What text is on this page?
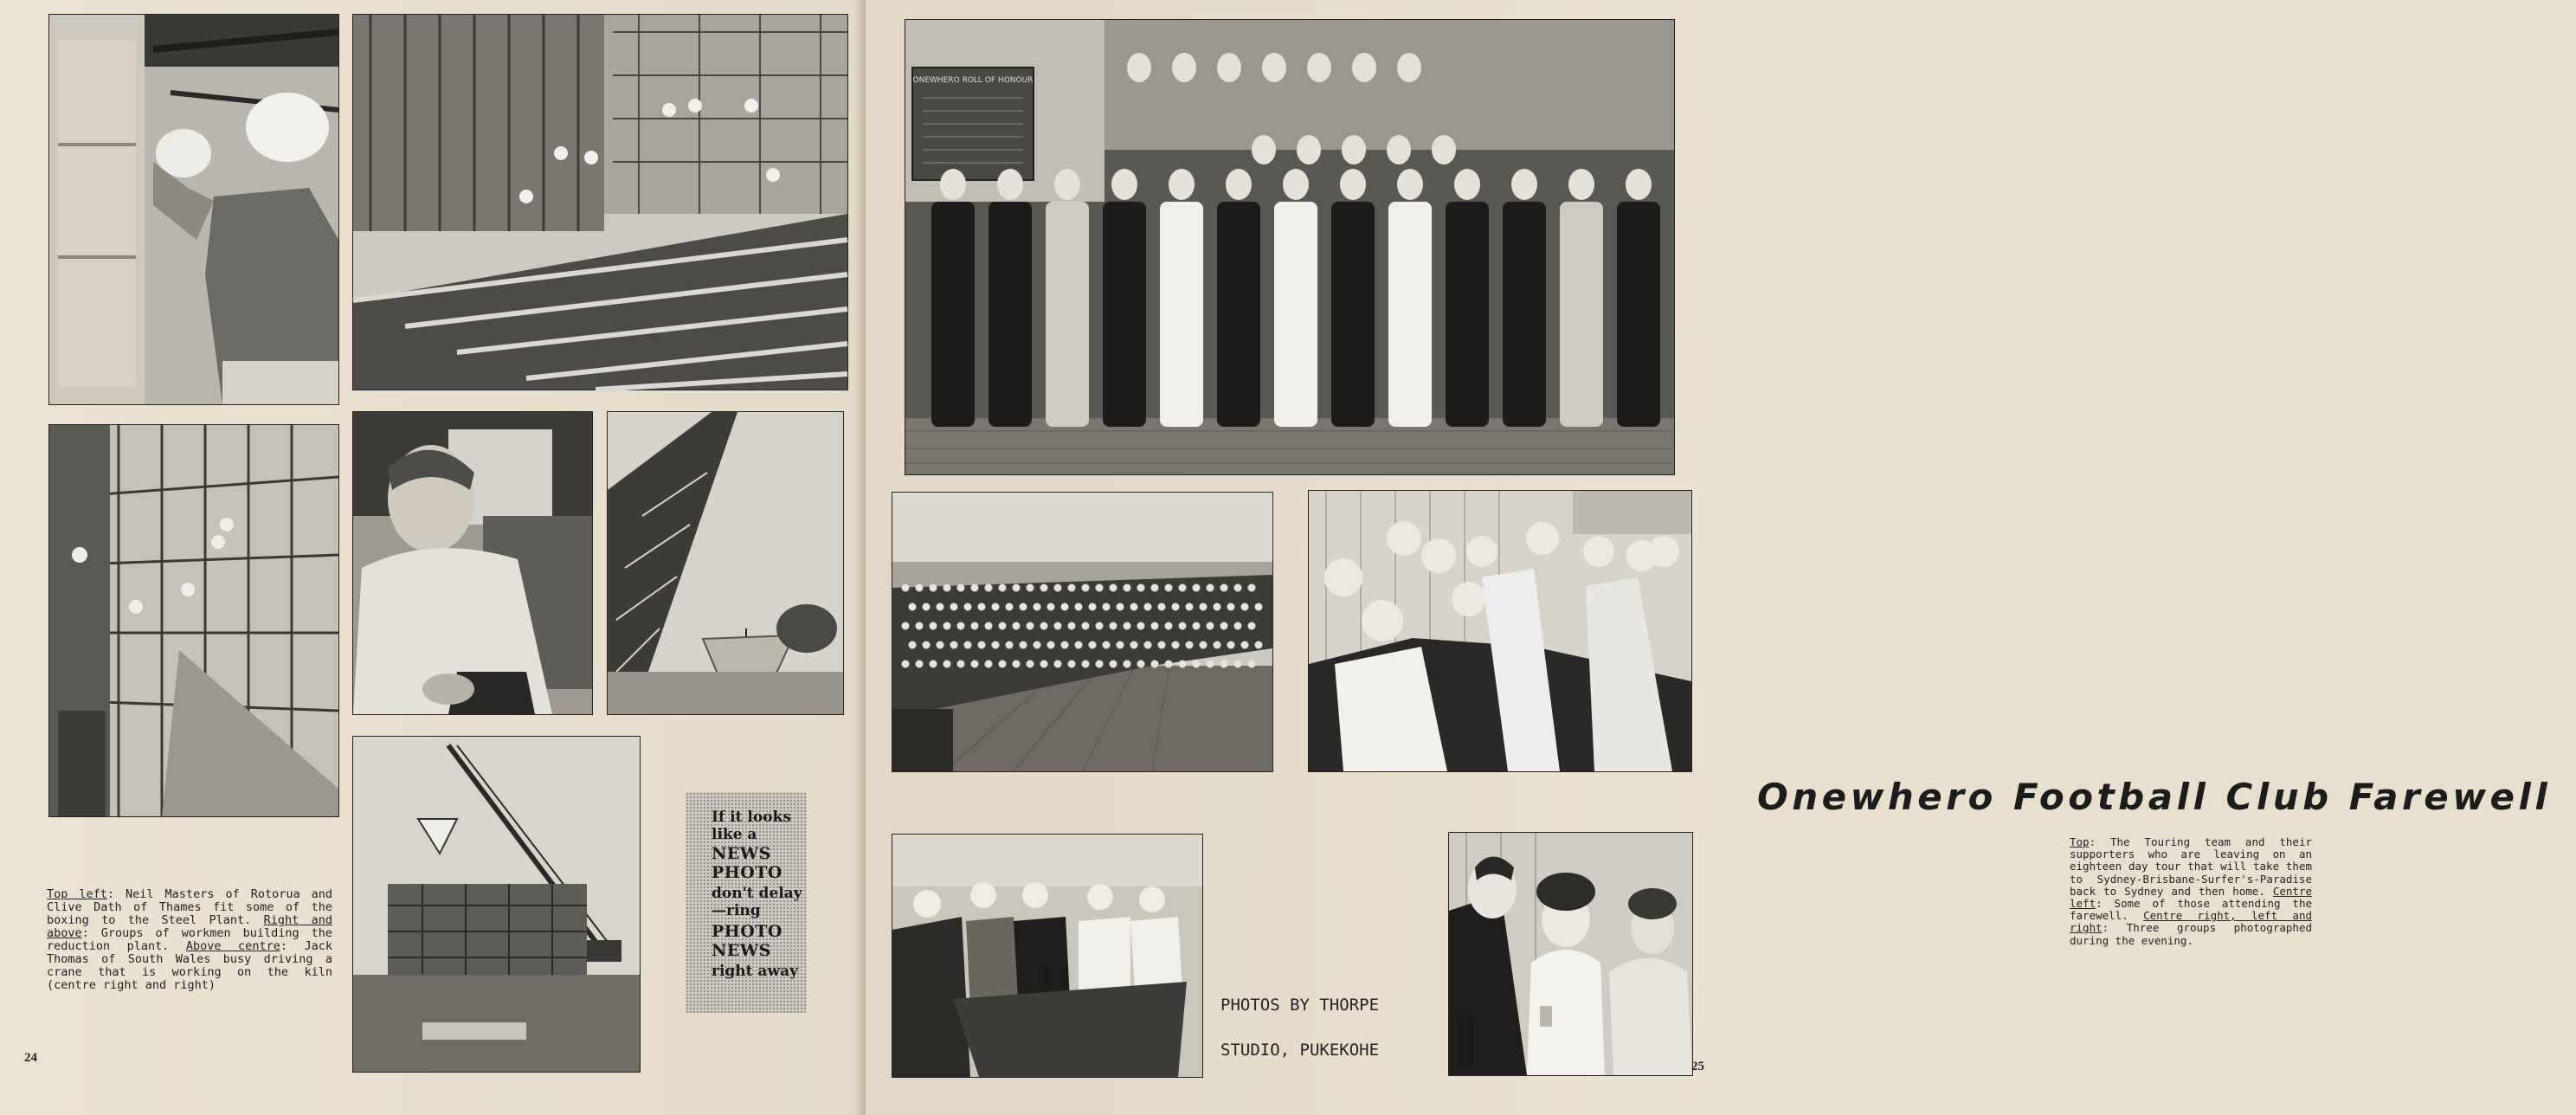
Top left: Neil Masters of Rotorua and Clive Dath of Thames fit some of the boxing to the Steel Plant. Right and above: Groups of workmen building the reduction plant. Above centre: Jack Thomas of South Wales busy driving a crane that is working on the kiln (centre right and right)
If it looks
like a
NEWS
PHOTO
don't delay
—ring
PHOTO
NEWS
right away
24
ONEWHERO ROLL OF HONOUR
Onewhero Football Club Farewell
Top: The Touring team and their supporters who are leaving on an eighteen day tour that will take them to Sydney-Brisbane-Surfer's-Paradise back to Sydney and then home. Centre left: Some of those attending the farewell. Centre right, left and right: Three groups photographed during the evening.
PHOTOS BY THORPE
STUDIO, PUKEKOHE
25
